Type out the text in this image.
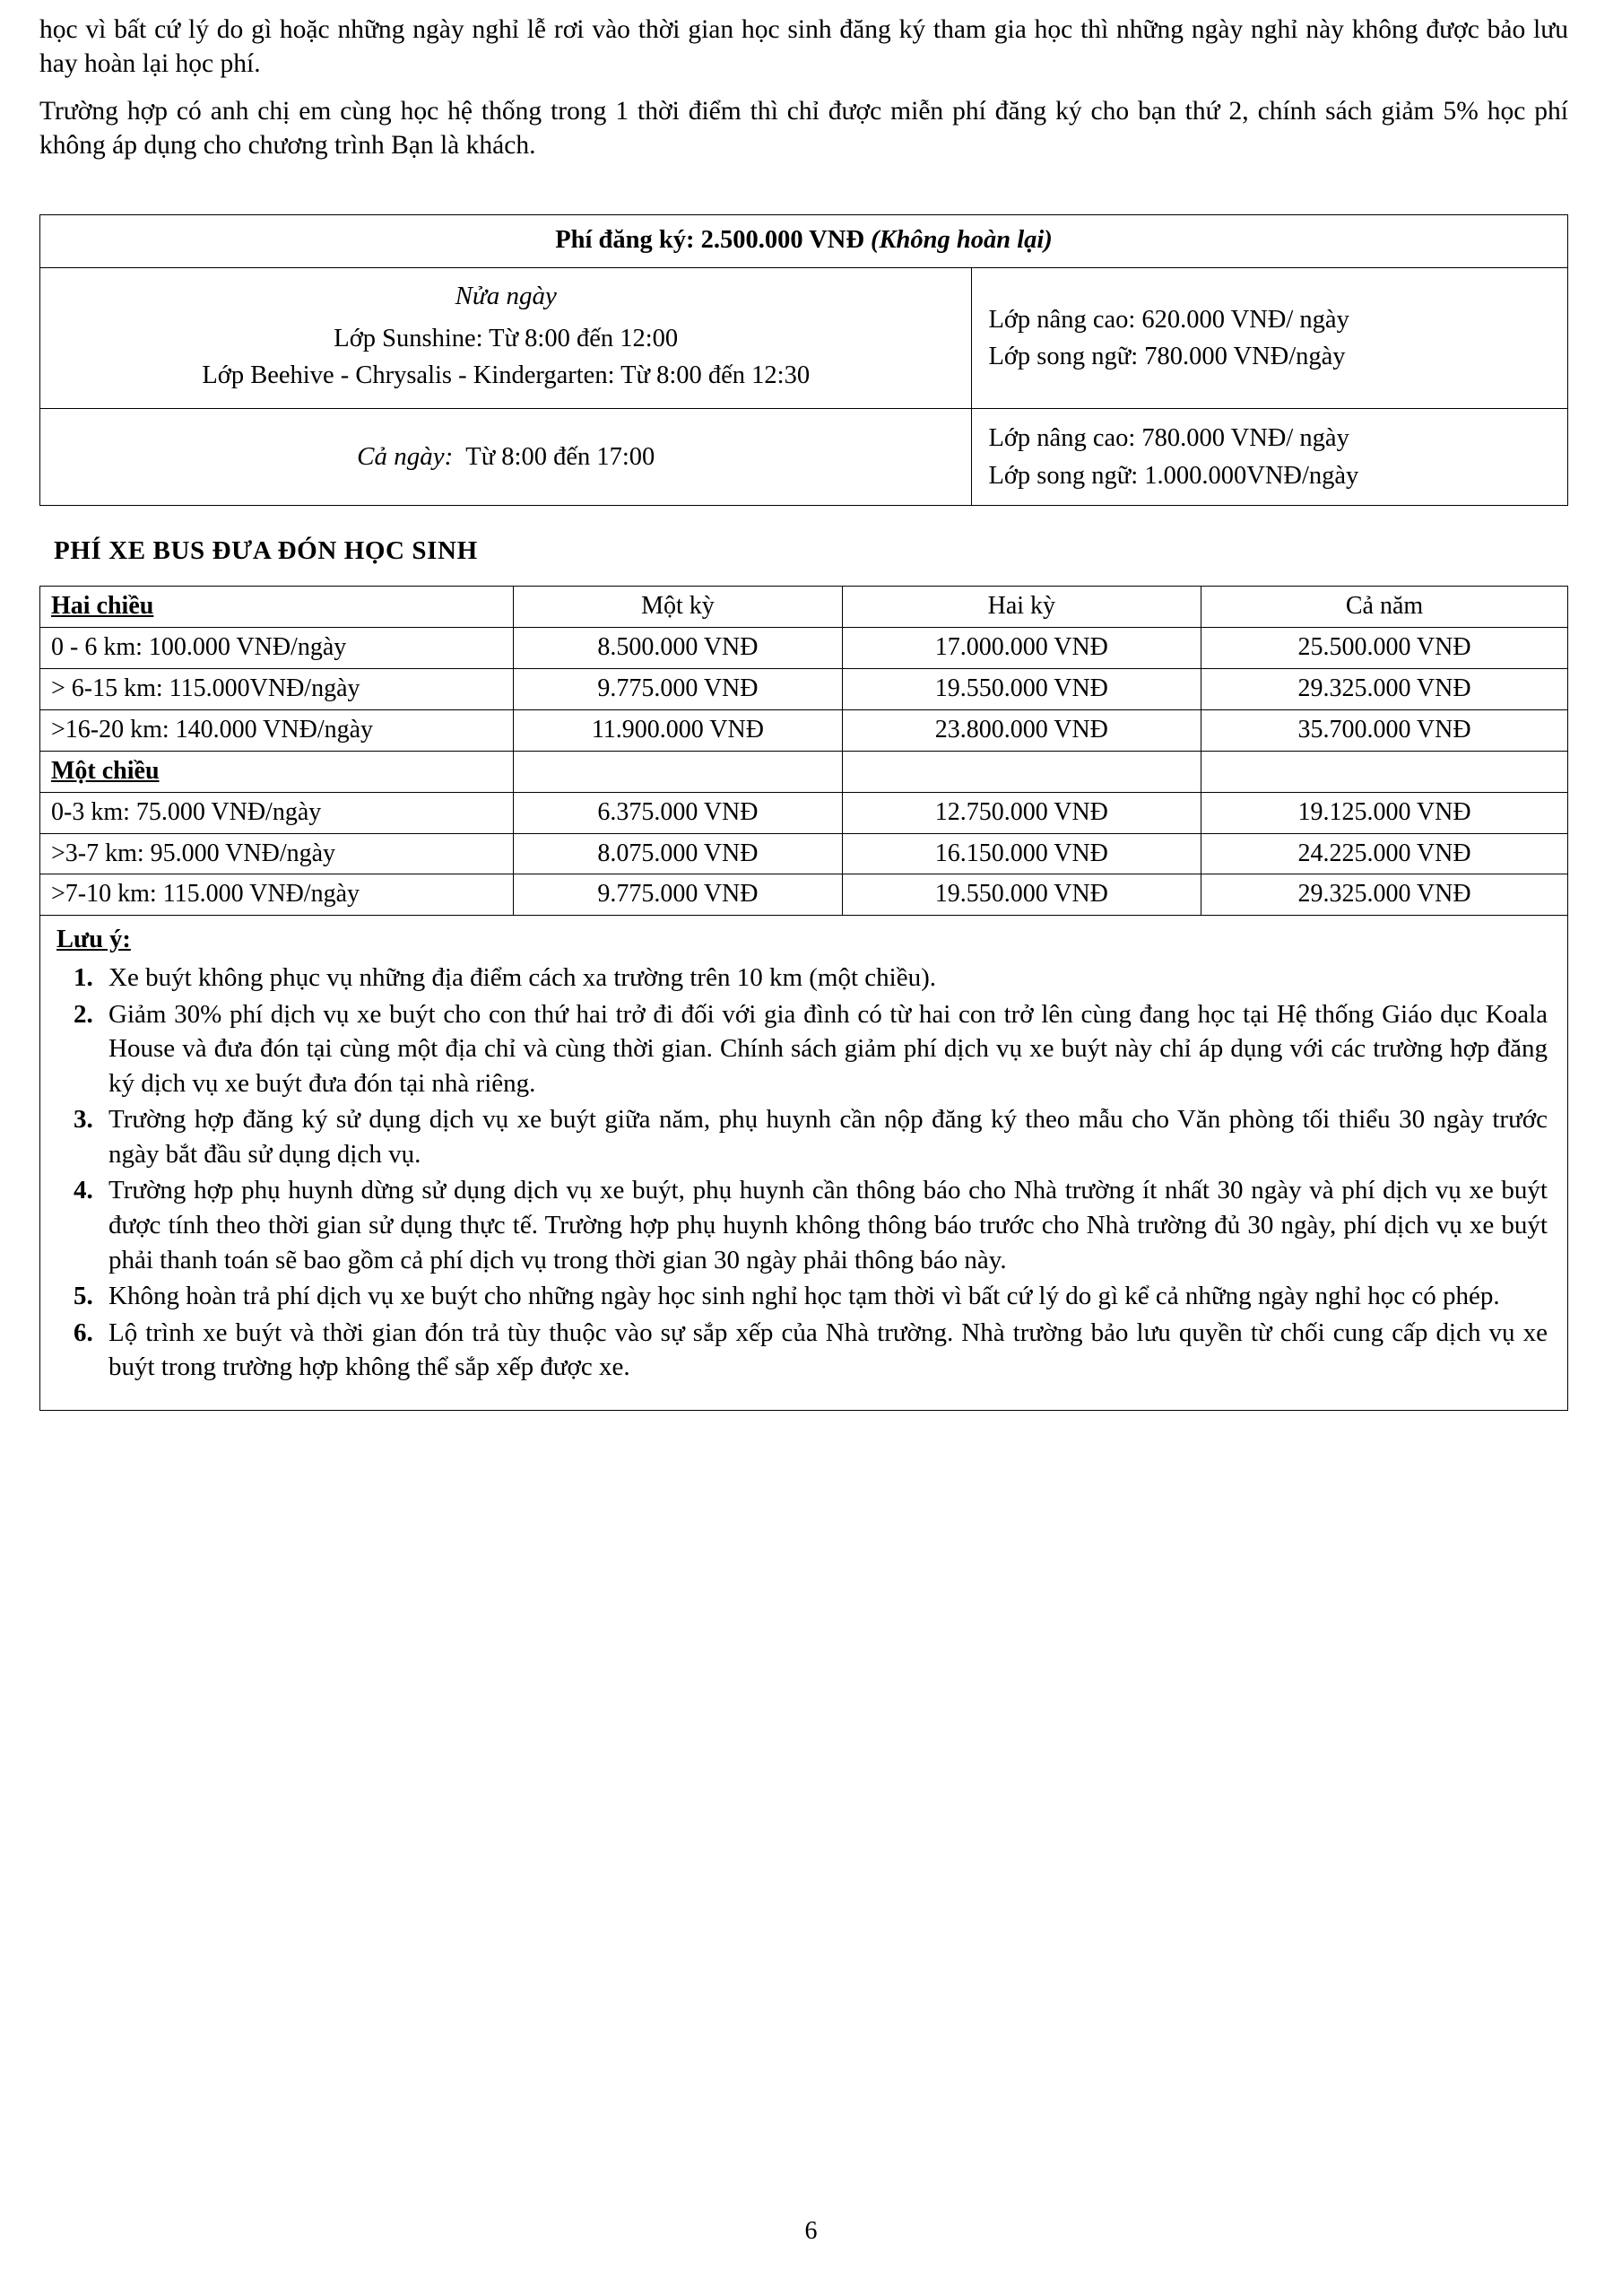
học vì bất cứ lý do gì hoặc những ngày nghỉ lễ rơi vào thời gian học sinh đăng ký tham gia học thì những ngày nghỉ này không được bảo lưu hay hoàn lại học phí.

Trường hợp có anh chị em cùng học hệ thống trong 1 thời điểm thì chỉ được miễn phí đăng ký cho bạn thứ 2, chính sách giảm 5% học phí không áp dụng cho chương trình Bạn là khách.

Phí đăng ký: 2.500.000 VNĐ (Không hoàn lại)	

Nửa ngày
Lớp Sunshine: Từ 8:00 đến 12:00
Lớp Beehive - Chrysalis - Kindergarten: Từ 8:00 đến 12:30	Lớp nâng cao: 620.000 VNĐ/ ngày
Lớp song ngữ: 780.000 VNĐ/ngày

Cả ngày: Từ 8:00 đến 17:00	Lớp nâng cao: 780.000 VNĐ/ ngày
Lớp song ngữ: 1.000.000VNĐ/ngày
PHÍ XE BUS ĐƯA ĐÓN HỌC SINH
Hai chiều	Một kỳ	Hai kỳ	Cả năm
0 - 6 km: 100.000 VNĐ/ngày	8.500.000 VNĐ	17.000.000 VNĐ	25.500.000 VNĐ
> 6-15 km: 115.000VNĐ/ngày	9.775.000 VNĐ	19.550.000 VNĐ	29.325.000 VNĐ
>16-20 km: 140.000 VNĐ/ngày	11.900.000 VNĐ	23.800.000 VNĐ	35.700.000 VNĐ
Một chiều			
0-3 km: 75.000 VNĐ/ngày	6.375.000 VNĐ	12.750.000 VNĐ	19.125.000 VNĐ
>3-7 km: 95.000 VNĐ/ngày	8.075.000 VNĐ	16.150.000 VNĐ	24.225.000 VNĐ
>7-10 km: 115.000 VNĐ/ngày	9.775.000 VNĐ	19.550.000 VNĐ	29.325.000 VNĐ

Lưu ý:
1. Xe buýt không phục vụ những địa điểm cách xa trường trên 10 km (một chiều).
2. Giảm 30% phí dịch vụ xe buýt cho con thứ hai trở đi đối với gia đình có từ hai con trở lên cùng đang học tại Hệ thống Giáo dục Koala House và đưa đón tại cùng một địa chỉ và cùng thời gian. Chính sách giảm phí dịch vụ xe buýt này chỉ áp dụng với các trường hợp đăng ký dịch vụ xe buýt đưa đón tại nhà riêng.
3. Trường hợp đăng ký sử dụng dịch vụ xe buýt giữa năm, phụ huynh cần nộp đăng ký theo mẫu cho Văn phòng tối thiểu 30 ngày trước ngày bắt đầu sử dụng dịch vụ.
4. Trường hợp phụ huynh dừng sử dụng dịch vụ xe buýt, phụ huynh cần thông báo cho Nhà trường ít nhất 30 ngày và phí dịch vụ xe buýt được tính theo thời gian sử dụng thực tế. Trường hợp phụ huynh không thông báo trước cho Nhà trường đủ 30 ngày, phí dịch vụ xe buýt phải thanh toán sẽ bao gồm cả phí dịch vụ trong thời gian 30 ngày phải thông báo này.
5. Không hoàn trả phí dịch vụ xe buýt cho những ngày học sinh nghỉ học tạm thời vì bất cứ lý do gì kể cả những ngày nghỉ học có phép.
6. Lộ trình xe buýt và thời gian đón trả tùy thuộc vào sự sắp xếp của Nhà trường. Nhà trường bảo lưu quyền từ chối cung cấp dịch vụ xe buýt trong trường hợp không thể sắp xếp được xe.
6
